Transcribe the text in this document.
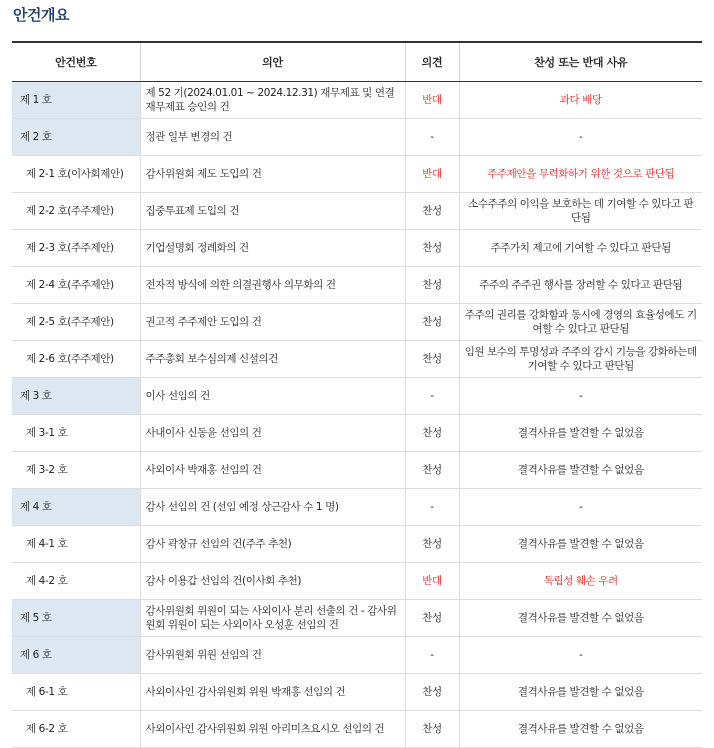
안건개요
안건번호	의안	의견	찬성 또는 반대 사유
제 1 호	제 52 기(2024.01.01 ~ 2024.12.31) 재무제표 및 연결재무제표 승인의 건	반대	과다 배당
제 2 호	정관 일부 변경의 건	-	-
제 2-1 호(이사회제안)	감사위원회 제도 도입의 건	반대	주주제안을 무력화하기 위한 것으로 판단됨
제 2-2 호(주주제안)	집중투표제 도입의 건	찬성	소수주주의 이익을 보호하는 데 기여할 수 있다고 판단됨
제 2-3 호(주주제안)	기업설명회 정례화의 건	찬성	주주가치 제고에 기여할 수 있다고 판단됨
제 2-4 호(주주제안)	전자적 방식에 의한 의결권행사 의무화의 건	찬성	주주의 주주권 행사를 장려할 수 있다고 판단됨
제 2-5 호(주주제안)	권고적 주주제안 도입의 건	찬성	주주의 권리를 강화함과 동시에 경영의 효율성에도 기여할 수 있다고 판단됨
제 2-6 호(주주제안)	주주총회 보수심의제 신설의건	찬성	임원 보수의 투명성과 주주의 감시 기능을 강화하는데 기여할 수 있다고 판단됨
제 3 호	이사 선임의 건	-	-
제 3-1 호	사내이사 신동윤 선임의 건	찬성	결격사유를 발견할 수 없었음
제 3-2 호	사외이사 박재홍 선임의 건	찬성	결격사유를 발견할 수 없었음
제 4 호	감사 선임의 건 (선임 예정 상근감사 수 1 명)	-	-
제 4-1 호	감사 곽창규 선임의 건(주주 추천)	찬성	결격사유를 발견할 수 없었음
제 4-2 호	감사 이용갑 선임의 건(이사회 추천)	반대	독립성 훼손 우려
제 5 호	감사위원회 위원이 되는 사외이사 분리 선출의 건 - 감사위원회 위원이 되는 사외이사 오성훈 선임의 건	찬성	결격사유를 발견할 수 없었음
제 6 호	감사위원회 위원 선임의 건	-	-
제 6-1 호	사외이사인 감사위원회 위원 박재홍 선임의 건	찬성	결격사유를 발견할 수 없었음
제 6-2 호	사외이사인 감사위원회 위원 아리미츠요시오 선임의 건	찬성	결격사유를 발견할 수 없었음
